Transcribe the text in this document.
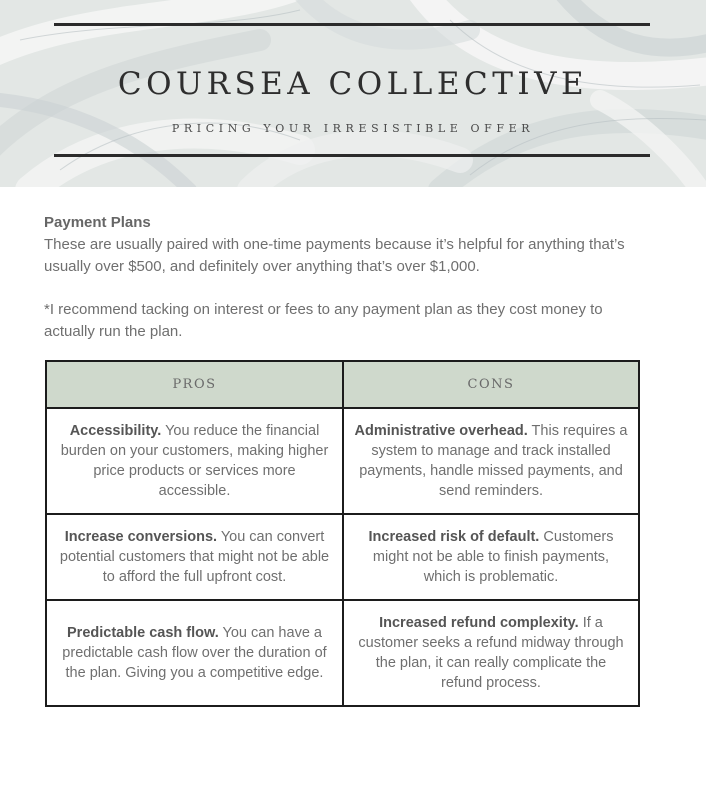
COURSEA COLLECTIVE
PRICING YOUR IRRESISTIBLE OFFER
Payment Plans

These are usually paired with one-time payments because it’s helpful for anything that’s usually over $500, and definitely over anything that’s over $1,000.

*I recommend tacking on interest or fees to any payment plan as they cost money to actually run the plan.

PROS	CONS
Accessibility. You reduce the financial burden on your customers, making higher price products or services more accessible.	Administrative overhead. This requires a system to manage and track installed payments, handle missed payments, and send reminders.
Increase conversions. You can convert potential customers that might not be able to afford the full upfront cost.	Increased risk of default. Customers might not be able to finish payments, which is problematic.
Predictable cash flow. You can have a predictable cash flow over the duration of the plan. Giving you a competitive edge.	Increased refund complexity. If a customer seeks a refund midway through the plan, it can really complicate the refund process.
